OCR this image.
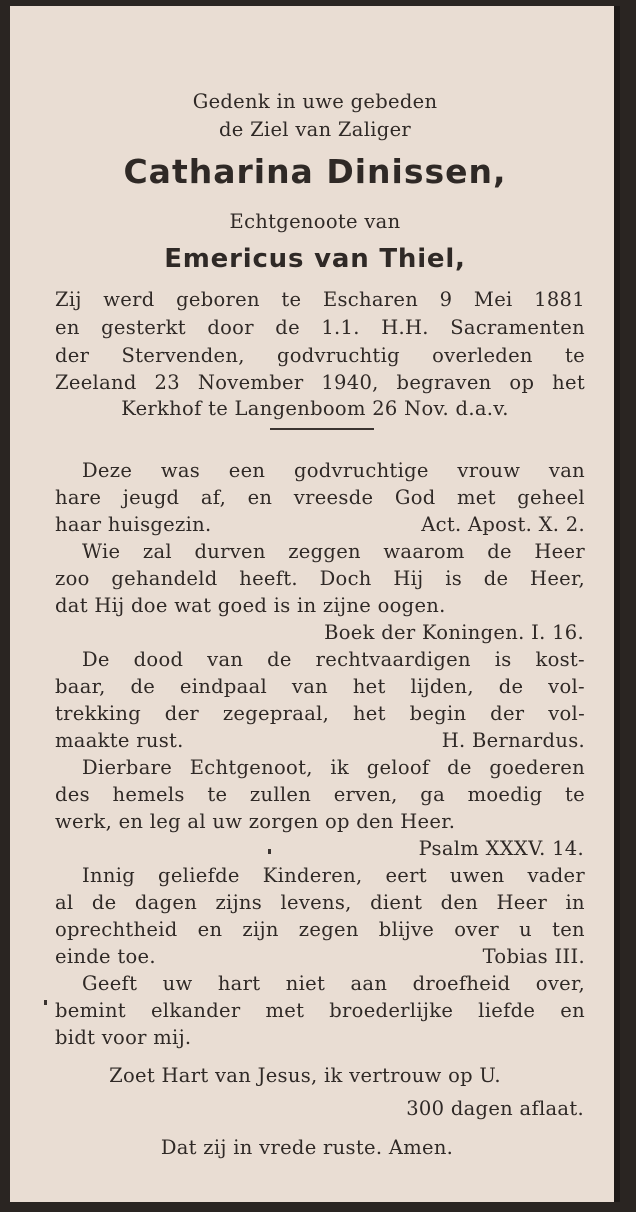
Gedenk in uwe gebeden
de Ziel van Zaliger
Catharina Dinissen,
Echtgenoote van
Emericus van Thiel,
Zij werd geboren te Escharen 9 Mei 1881
en gesterkt door de 1.1. H.H. Sacramenten
der Stervenden, godvruchtig overleden te
Zeeland 23 November 1940, begraven op het
Kerkhof te Langenboom 26 Nov. d.a.v.
Deze was een godvruchtige vrouw van
hare jeugd af, en vreesde God met geheel
haar huisgezin.	Act. Apost. X. 2.
Wie zal durven zeggen waarom de Heer
zoo gehandeld heeft. Doch Hij is de Heer,
dat Hij doe wat goed is in zijne oogen.
Boek der Koningen. I. 16.
De dood van de rechtvaardigen is kost-
baar, de eindpaal van het lijden, de vol-
trekking der zegepraal, het begin der vol-
maakte rust.	H. Bernardus.
Dierbare Echtgenoot, ik geloof de goederen
des hemels te zullen erven, ga moedig te
werk, en leg al uw zorgen op den Heer.
Psalm XXXV. 14.
Innig geliefde Kinderen, eert uwen vader
al de dagen zijns levens, dient den Heer in
oprechtheid en zijn zegen blijve over u ten
einde toe.	Tobias III.
Geeft uw hart niet aan droefheid over,
bemint elkander met broederlijke liefde en
bidt voor mij.
Zoet Hart van Jesus, ik vertrouw op U.
300 dagen aflaat.
Dat zij in vrede ruste. Amen.
